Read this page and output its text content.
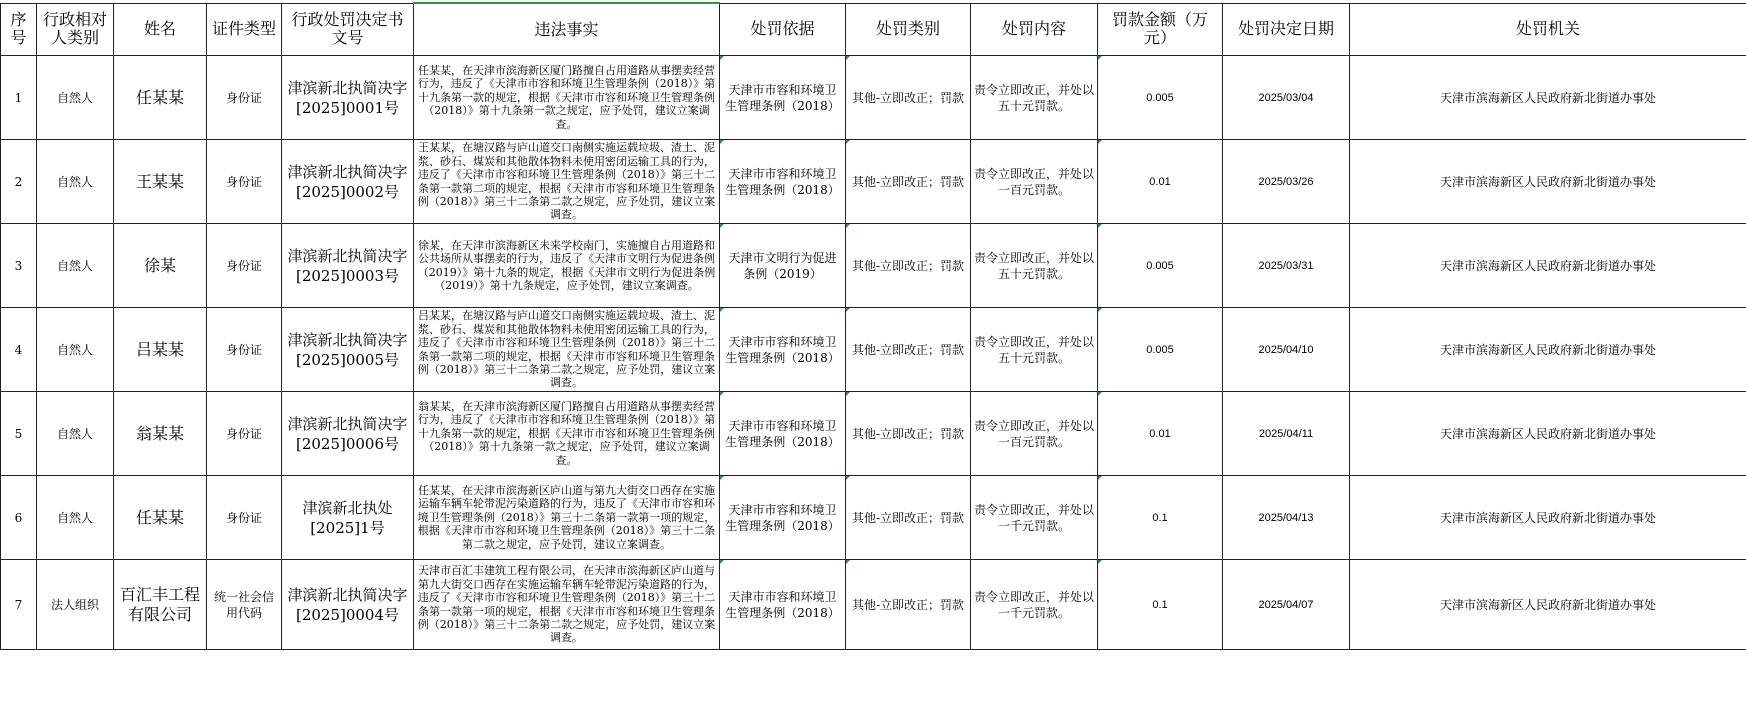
序号	行政相对人类别	姓名	证件类型	行政处罚决定书文号	违法事实	处罚依据	处罚类别	处罚内容	罚款金额（万元）	处罚决定日期	处罚机关
1	自然人	任某某	身份证	津滨新北执简决字[2025]0001号	任某某，在天津市滨海新区厦门路擅自占用道路从事摆卖经营行为，违反了《天津市市容和环境卫生管理条例（2018）》第十九条第一款的规定，根据《天津市市容和环境卫生管理条例（2018）》第十九条第一款之规定，应予处罚，建议立案调查。	天津市市容和环境卫生管理条例（2018）	其他-立即改正；罚款	责令立即改正，并处以五十元罚款。	0.005	2025/03/04	天津市滨海新区人民政府新北街道办事处
2	自然人	王某某	身份证	津滨新北执简决字[2025]0002号	王某某，在塘汉路与庐山道交口南侧实施运载垃圾、渣土、泥浆、砂石、煤炭和其他散体物料未使用密闭运输工具的行为，违反了《天津市市容和环境卫生管理条例（2018）》第三十二条第一款第二项的规定，根据《天津市市容和环境卫生管理条例（2018）》第三十二条第二款之规定，应予处罚，建议立案调查。	天津市市容和环境卫生管理条例（2018）	其他-立即改正；罚款	责令立即改正，并处以一百元罚款。	0.01	2025/03/26	天津市滨海新区人民政府新北街道办事处
3	自然人	徐某	身份证	津滨新北执简决字[2025]0003号	徐某，在天津市滨海新区未来学校南门，实施擅自占用道路和公共场所从事摆卖的行为，违反了《天津市文明行为促进条例（2019）》第十九条的规定，根据《天津市文明行为促进条例（2019）》第十九条规定，应予处罚，建议立案调查。	天津市文明行为促进条例（2019）	其他-立即改正；罚款	责令立即改正，并处以五十元罚款。	0.005	2025/03/31	天津市滨海新区人民政府新北街道办事处
4	自然人	吕某某	身份证	津滨新北执简决字[2025]0005号	吕某某，在塘汉路与庐山道交口南侧实施运载垃圾、渣土、泥浆、砂石、煤炭和其他散体物料未使用密闭运输工具的行为，违反了《天津市市容和环境卫生管理条例（2018）》第三十二条第一款第二项的规定，根据《天津市市容和环境卫生管理条例（2018）》第三十二条第二款之规定，应予处罚，建议立案调查。	天津市市容和环境卫生管理条例（2018）	其他-立即改正；罚款	责令立即改正，并处以五十元罚款。	0.005	2025/04/10	天津市滨海新区人民政府新北街道办事处
5	自然人	翁某某	身份证	津滨新北执简决字[2025]0006号	翁某某，在天津市滨海新区厦门路擅自占用道路从事摆卖经营行为，违反了《天津市市容和环境卫生管理条例（2018）》第十九条第一款的规定，根据《天津市市容和环境卫生管理条例（2018）》第十九条第一款之规定，应予处罚，建议立案调查。	天津市市容和环境卫生管理条例（2018）	其他-立即改正；罚款	责令立即改正，并处以一百元罚款。	0.01	2025/04/11	天津市滨海新区人民政府新北街道办事处
6	自然人	任某某	身份证	津滨新北执处[2025]1号	任某某，在天津市滨海新区庐山道与第九大街交口西存在实施运输车辆车轮带泥污染道路的行为，违反了《天津市市容和环境卫生管理条例（2018）》第三十二条第一款第一项的规定，根据《天津市市容和环境卫生管理条例（2018）》第三十二条第二款之规定，应予处罚，建议立案调查。	天津市市容和环境卫生管理条例（2018）	其他-立即改正；罚款	责令立即改正，并处以一千元罚款。	0.1	2025/04/13	天津市滨海新区人民政府新北街道办事处
7	法人组织	百汇丰工程有限公司	统一社会信用代码	津滨新北执简决字[2025]0004号	天津市百汇丰建筑工程有限公司，在天津市滨海新区庐山道与第九大街交口西存在实施运输车辆车轮带泥污染道路的行为，违反了《天津市市容和环境卫生管理条例（2018）》第三十二条第一款第一项的规定，根据《天津市市容和环境卫生管理条例（2018）》第三十二条第二款之规定，应予处罚，建议立案调查。	天津市市容和环境卫生管理条例（2018）	其他-立即改正；罚款	责令立即改正，并处以一千元罚款。	0.1	2025/04/07	天津市滨海新区人民政府新北街道办事处
